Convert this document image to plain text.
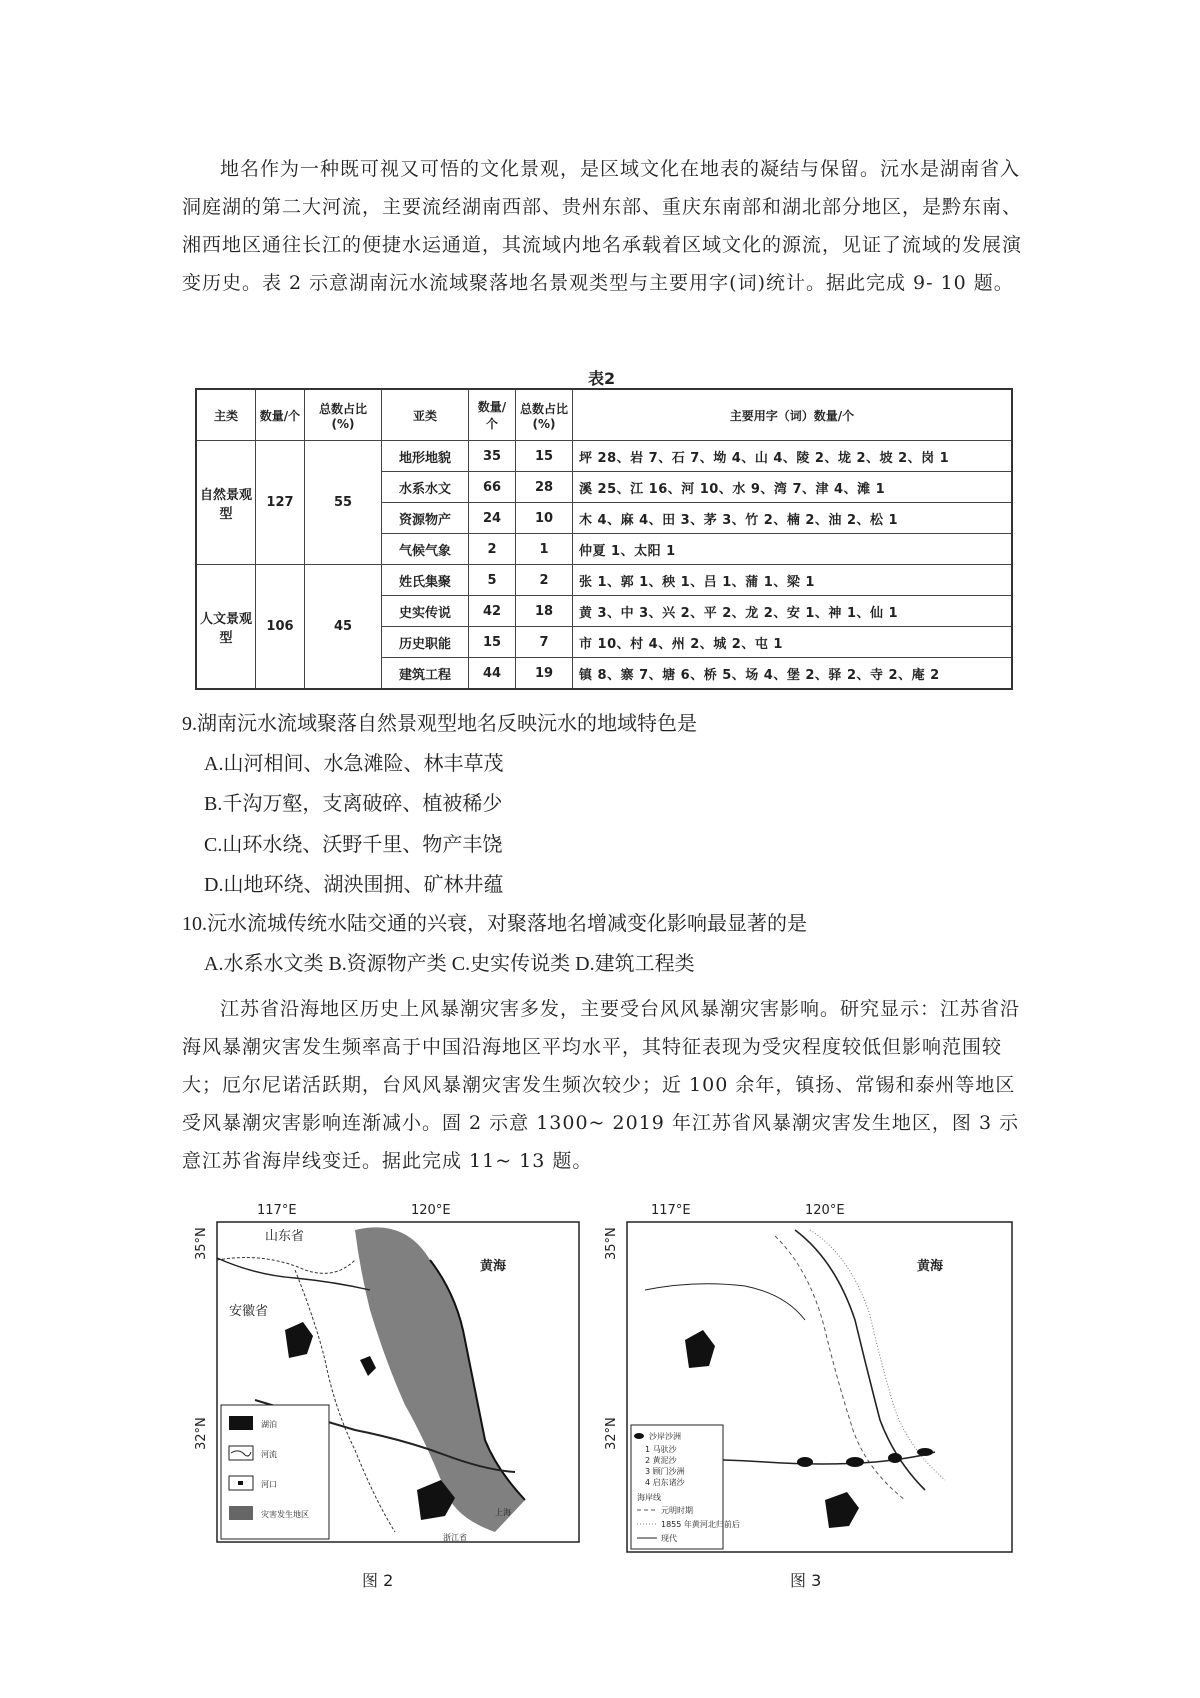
地名作为一种既可视又可悟的文化景观，是区域文化在地表的凝结与保留。沅水是湖南省入洞庭湖的第二大河流，主要流经湖南西部、贵州东部、重庆东南部和湖北部分地区，是黔东南、湘西地区通往长江的便捷水运通道，其流域内地名承载着区域文化的源流，见证了流域的发展演变历史。表 2 示意湖南沅水流域聚落地名景观类型与主要用字(词)统计。据此完成 9- 10 题。

表2
主类	数量/个	总数占比(%)	亚类	数量/个	总数占比(%)	主要用字（词）数量/个
自然景观型	127	55	地形地貌	35	15	坪 28、岩 7、石 7、坳 4、山 4、陵 2、垅 2、坡 2、岗 1
			水系水文	66	28	溪 25、江 16、河 10、水 9、湾 7、津 4、滩 1
			资源物产	24	10	木 4、麻 4、田 3、茅 3、竹 2、楠 2、油 2、松 1
			气候气象	2	1	仲夏 1、太阳 1
人文景观型	106	45	姓氏集聚	5	2	张 1、郭 1、秧 1、吕 1、蒲 1、梁 1
			史实传说	42	18	黄 3、中 3、兴 2、平 2、龙 2、安 1、神 1、仙 1
			历史职能	15	7	市 10、村 4、州 2、城 2、屯 1
			建筑工程	44	19	镇 8、寨 7、塘 6、桥 5、场 4、堡 2、驿 2、寺 2、庵 2

9.湖南沅水流域聚落自然景观型地名反映沅水的地域特色是

A.山河相间、水急滩险、林丰草茂

B.千沟万壑，支离破碎、植被稀少

C.山环水绕、沃野千里、物产丰饶

D.山地环绕、湖泱围拥、矿林井蕴

10.沅水流城传统水陆交通的兴衰，对聚落地名增减变化影响最显著的是

A.水系水文类 B.资源物产类 C.史实传说类 D.建筑工程类

江苏省沿海地区历史上风暴潮灾害多发，主要受台风风暴潮灾害影响。研究显示：江苏省沿海风暴潮灾害发生频率高于中国沿海地区平均水平，其特征表现为受灾程度较低但影响范围较大；厄尔尼诺活跃期，台风风暴潮灾害发生频次较少；近 100 余年，镇扬、常锡和泰州等地区受风暴潮灾害影响连渐减小。圄 2 示意 1300~ 2019 年江苏省风暴潮灾害发生地区，图 3 示意江苏省海岸线变迁。据此完成 11~ 13 题。

117°E	120°E
35°N
32°N
山东省
安徽省
黄海
上海
浙江省
湖泊
河流
河口
灾害发生地区
图 2
117°E	120°E
35°N
32°N
黄海
沙岸沙洲
1 马驮沙
2 黄泥沙
3 顾门沙洲
4 启东诸沙
海岸线
元明时期
1855 年黄河北归前后
现代
图 3
